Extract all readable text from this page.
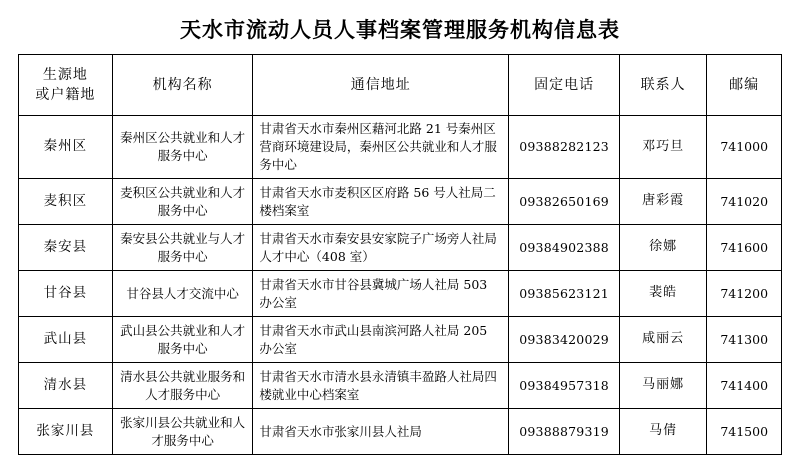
天水市流动人员人事档案管理服务机构信息表
生源地
或户籍地	机构名称	通信地址	固定电话	联系人	邮编
秦州区	秦州区公共就业和人才服务中心	甘肃省天水市秦州区藉河北路 21 号秦州区营商环境建设局，秦州区公共就业和人才服务中心	09388282123	邓巧旦	741000
麦积区	麦积区公共就业和人才服务中心	甘肃省天水市麦积区区府路 56 号人社局二楼档案室	09382650169	唐彩霞	741020
秦安县	秦安县公共就业与人才服务中心	甘肃省天水市秦安县安家院子广场旁人社局人才中心（408 室）	09384902388	徐娜	741600
甘谷县	甘谷县人才交流中心	甘肃省天水市甘谷县冀城广场人社局 503 办公室	09385623121	裴皓	741200
武山县	武山县公共就业和人才服务中心	甘肃省天水市武山县南滨河路人社局 205 办公室	09383420029	咸丽云	741300
清水县	清水县公共就业服务和人才服务中心	甘肃省天水市清水县永清镇丰盈路人社局四楼就业中心档案室	09384957318	马丽娜	741400
张家川县	张家川县公共就业和人才服务中心	甘肃省天水市张家川县人社局	09388879319	马倩	741500
